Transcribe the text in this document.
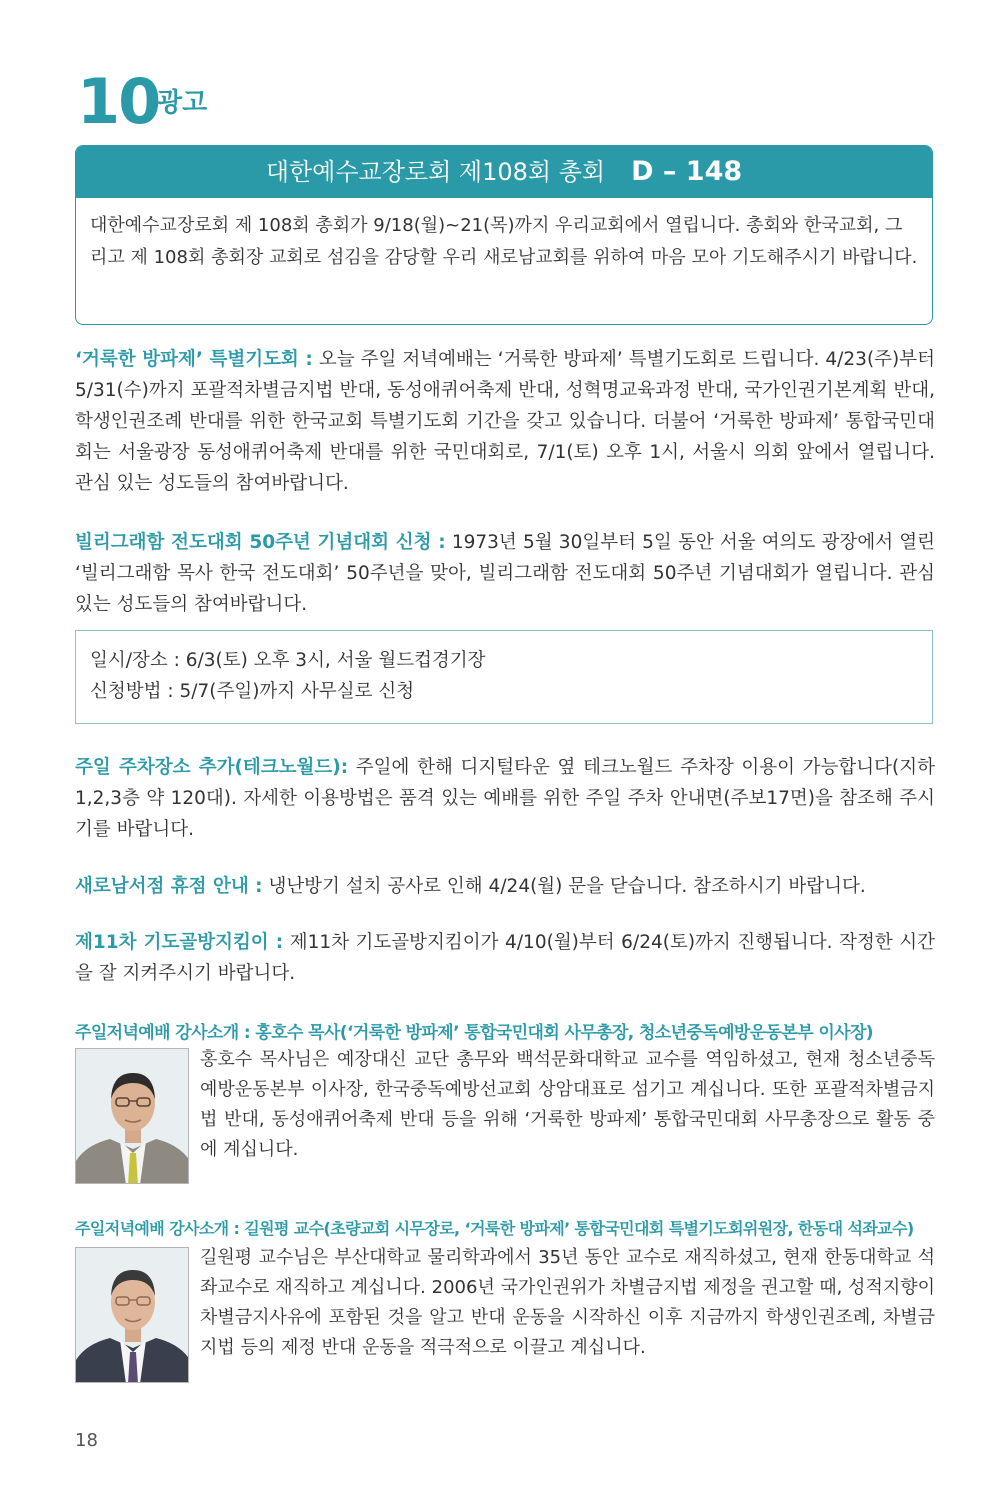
10
광고
대한예수교장로회 제108회 총회 D – 148
대한예수교장로회 제 108회 총회가 9/18(월)~21(목)까지 우리교회에서 열립니다. 총회와 한국교회, 그리고 제 108회 총회장 교회로 섬김을 감당할 우리 새로남교회를 위하여 마음 모아 기도해주시기 바랍니다.
‘거룩한 방파제’ 특별기도회 : 오늘 주일 저녁예배는 ‘거룩한 방파제’ 특별기도회로 드립니다. 4/23(주)부터 5/31(수)까지 포괄적차별금지법 반대, 동성애퀴어축제 반대, 성혁명교육과정 반대, 국가인권기본계획 반대, 학생인권조례 반대를 위한 한국교회 특별기도회 기간을 갖고 있습니다. 더불어 ‘거룩한 방파제’ 통합국민대회는 서울광장 동성애퀴어축제 반대를 위한 국민대회로, 7/1(토) 오후 1시, 서울시 의회 앞에서 열립니다. 관심 있는 성도들의 참여바랍니다.
빌리그래함 전도대회 50주년 기념대회 신청 : 1973년 5월 30일부터 5일 동안 서울 여의도 광장에서 열린 ‘빌리그래함 목사 한국 전도대회’ 50주년을 맞아, 빌리그래함 전도대회 50주년 기념대회가 열립니다. 관심 있는 성도들의 참여바랍니다.
일시/장소 : 6/3(토) 오후 3시, 서울 월드컵경기장
신청방법 : 5/7(주일)까지 사무실로 신청
주일 주차장소 추가(테크노월드): 주일에 한해 디지털타운 옆 테크노월드 주차장 이용이 가능합니다(지하1,2,3층 약 120대). 자세한 이용방법은 품격 있는 예배를 위한 주일 주차 안내면(주보17면)을 참조해 주시기를 바랍니다.
새로남서점 휴점 안내 : 냉난방기 설치 공사로 인해 4/24(월) 문을 닫습니다. 참조하시기 바랍니다.
제11차 기도골방지킴이 : 제11차 기도골방지킴이가 4/10(월)부터 6/24(토)까지 진행됩니다. 작정한 시간을 잘 지켜주시기 바랍니다.
주일저녁예배 강사소개 : 홍호수 목사(‘거룩한 방파제’ 통합국민대회 사무총장, 청소년중독예방운동본부 이사장)
홍호수 목사님은 예장대신 교단 총무와 백석문화대학교 교수를 역임하셨고, 현재 청소년중독예방운동본부 이사장, 한국중독예방선교회 상암대표로 섬기고 계십니다. 또한 포괄적차별금지법 반대, 동성애퀴어축제 반대 등을 위해 ‘거룩한 방파제’ 통합국민대회 사무총장으로 활동 중에 계십니다.
주일저녁예배 강사소개 : 길원평 교수(초량교회 시무장로, ‘거룩한 방파제’ 통합국민대회 특별기도회위원장, 한동대 석좌교수)
길원평 교수님은 부산대학교 물리학과에서 35년 동안 교수로 재직하셨고, 현재 한동대학교 석좌교수로 재직하고 계십니다. 2006년 국가인권위가 차별금지법 제정을 권고할 때, 성적지향이 차별금지사유에 포함된 것을 알고 반대 운동을 시작하신 이후 지금까지 학생인권조례, 차별금지법 등의 제정 반대 운동을 적극적으로 이끌고 계십니다.
18
